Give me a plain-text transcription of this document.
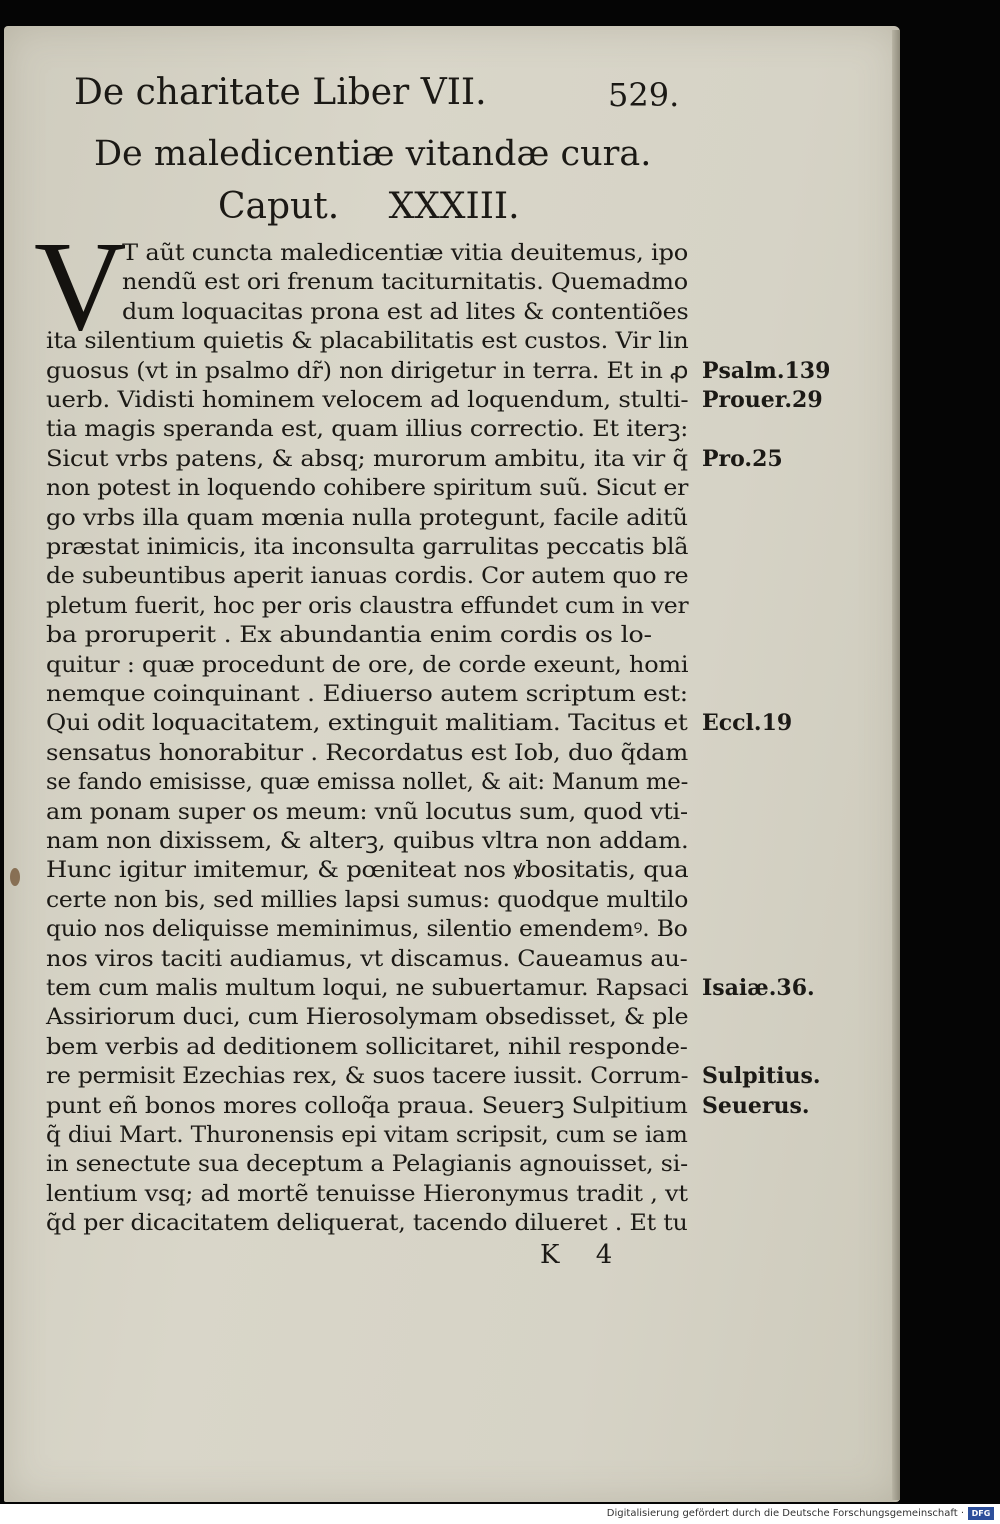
De charitate Liber VII.	529.
De maledicentiæ vitandæ cura.
Caput. XXXIII.
V
T aũt cuncta maledicentiæ vitia deuitemus, ipo
nendũ est ori frenum taciturnitatis. Quemadmo
dum loquacitas prona est ad lites & contentiões
ita silentium quietis & placabilitatis est custos. Vir lin
guosus (vt in psalmo dr̃) non dirigetur in terra. Et in ꝓ
uerb. Vidisti hominem velocem ad loquendum, stulti-
tia magis speranda est, quam illius correctio. Et iterꝫ:
Sicut vrbs patens, & absq; murorum ambitu, ita vir q̃
non potest in loquendo cohibere spiritum suũ. Sicut er
go vrbs illa quam mœnia nulla protegunt, facile aditũ
præstat inimicis, ita inconsulta garrulitas peccatis blã
de subeuntibus aperit ianuas cordis. Cor autem quo re
pletum fuerit, hoc per oris claustra effundet cum in ver
ba proruperit . Ex abundantia enim cordis os lo-
quitur : quæ procedunt de ore, de corde exeunt, homi
nemque coinquinant . Ediuerso autem scriptum est:
Qui odit loquacitatem, extinguit malitiam. Tacitus et
sensatus honorabitur . Recordatus est Iob, duo q̃dam
se fando emisisse, quæ emissa nollet, & ait: Manum me-
am ponam super os meum: vnũ locutus sum, quod vti-
nam non dixissem, & alterꝫ, quibus vltra non addam.
Hunc igitur imitemur, & pœniteat nos ꝟbositatis, qua
certe non bis, sed millies lapsi sumus: quodque multilo
quio nos deliquisse meminimus, silentio emendemꝰ. Bo
nos viros taciti audiamus, vt discamus. Caueamus au-
tem cum malis multum loqui, ne subuertamur. Rapsaci
Assiriorum duci, cum Hierosolymam obsedisset, & ple
bem verbis ad deditionem sollicitaret, nihil responde-
re permisit Ezechias rex, & suos tacere iussit. Corrum-
punt eñ bonos mores colloq̃a praua. Seuerꝫ Sulpitium
q̃ diui Mart. Thuronensis epi vitam scripsit, cum se iam
in senectute sua deceptum a Pelagianis agnouisset, si-
lentium vsq; ad mortẽ tenuisse Hieronymus tradit , vt
q̃d per dicacitatem deliquerat, tacendo dilueret . Et tu
Psalm.139
Prouer.29
Pro.25
Eccl.19
Isaiæ.36.
Sulpitius.
Seuerus.
K 4
Digitalisierung gefördert durch die Deutsche Forschungsgemeinschaft · DFG
